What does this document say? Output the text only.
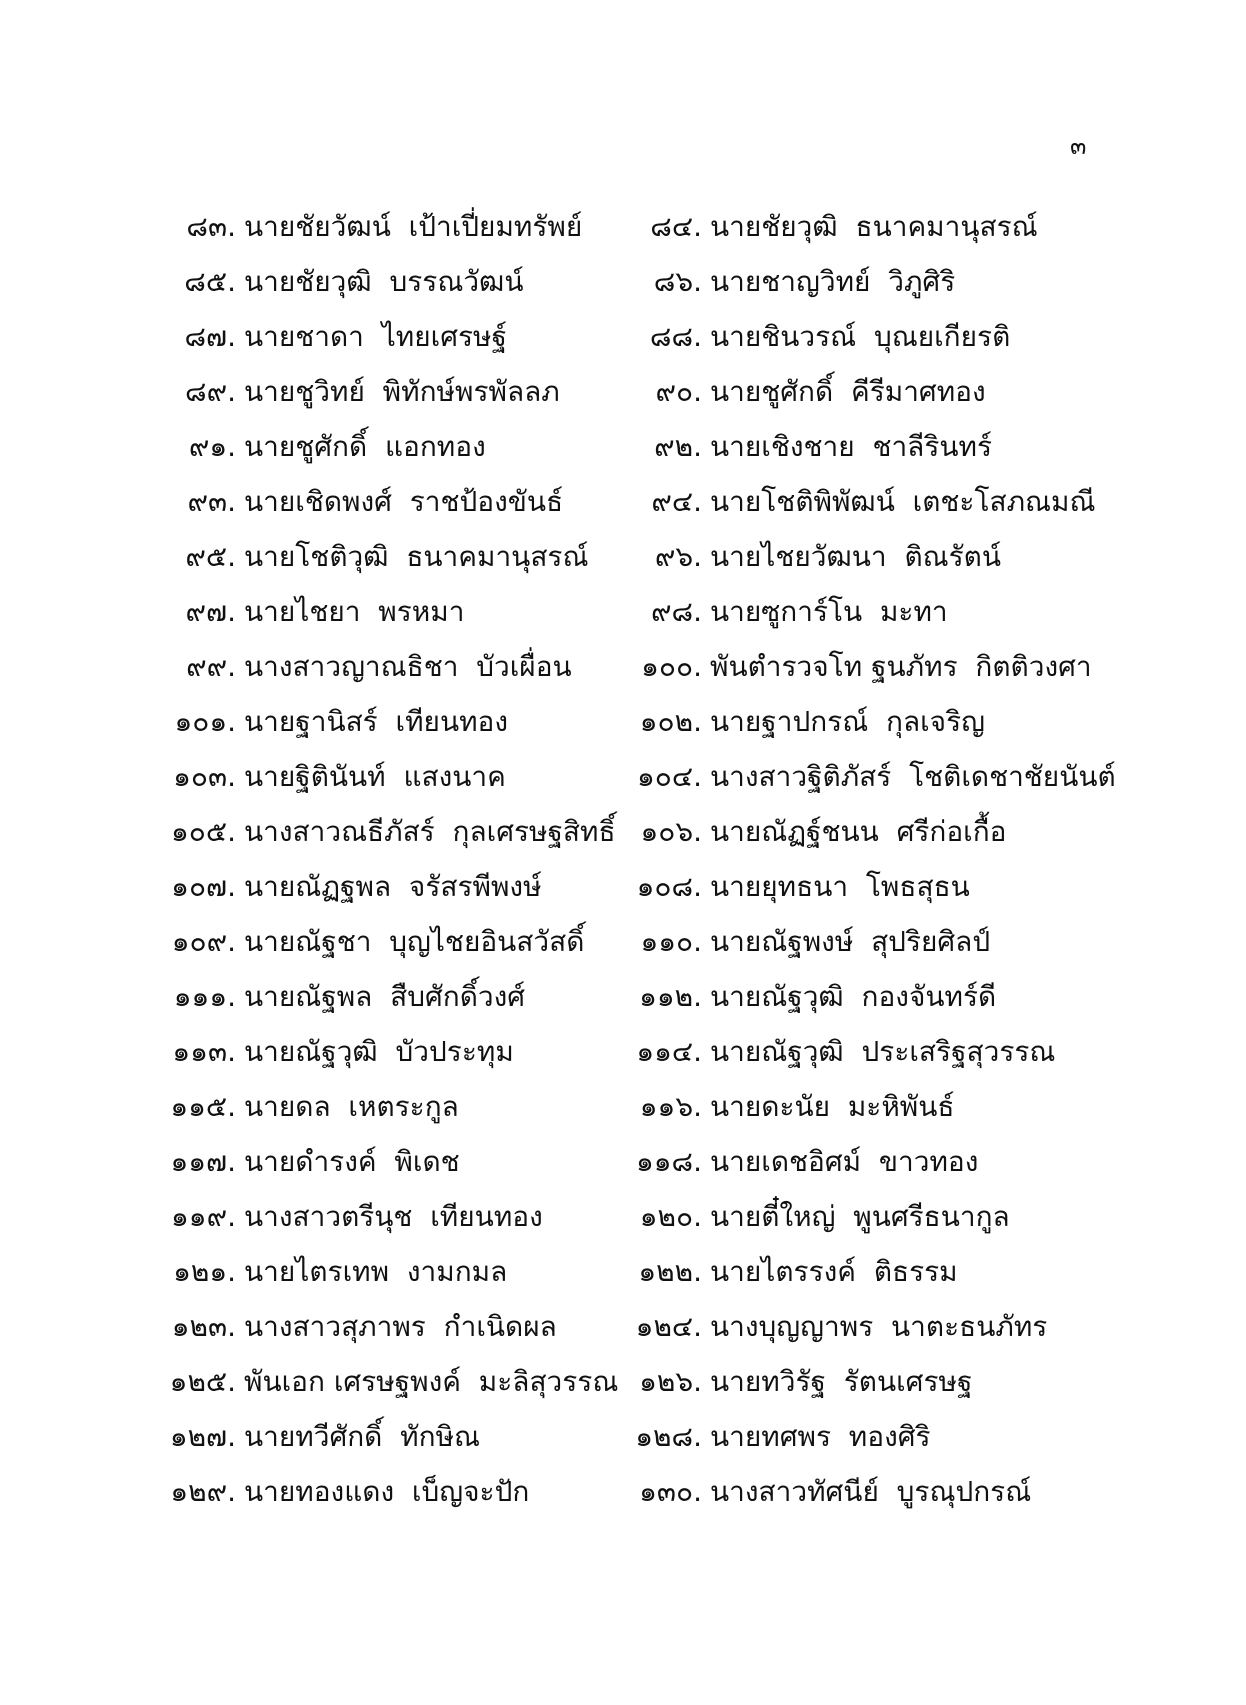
๓
๘๓. นายชัยวัฒน์  เป้าเปี่ยมทรัพย์	๘๔. นายชัยวุฒิ  ธนาคมานุสรณ์
๘๕. นายชัยวุฒิ  บรรณวัฒน์	๘๖. นายชาญวิทย์  วิภูศิริ
๘๗. นายชาดา  ไทยเศรษฐ์	๘๘. นายชินวรณ์  บุณยเกียรติ
๘๙. นายชูวิทย์  พิทักษ์พรพัลลภ	๙๐. นายชูศักดิ์  คีรีมาศทอง
๙๑. นายชูศักดิ์  แอกทอง	๙๒. นายเชิงชาย  ชาลีรินทร์
๙๓. นายเชิดพงศ์  ราชป้องขันธ์	๙๔. นายโชติพิพัฒน์  เตชะโสภณมณี
๙๕. นายโชติวุฒิ  ธนาคมานุสรณ์	๙๖. นายไชยวัฒนา  ติณรัตน์
๙๗. นายไชยา  พรหมา	๙๘. นายซูการ์โน  มะทา
๙๙. นางสาวญาณธิชา  บัวเผื่อน	๑๐๐. พันตำรวจโท ฐนภัทร  กิตติวงศา
๑๐๑. นายฐานิสร์  เทียนทอง	๑๐๒. นายฐาปกรณ์  กุลเจริญ
๑๐๓. นายฐิตินันท์  แสงนาค	๑๐๔. นางสาวฐิติภัสร์  โชติเดชาชัยนันต์
๑๐๕. นางสาวณธีภัสร์  กุลเศรษฐสิทธิ์ ๑๐๖. นายณัฏฐ์ชนน  ศรีก่อเกื้อ
๑๐๗. นายณัฏฐพล  จรัสรพีพงษ์	๑๐๘. นายยุทธนา  โพธสุธน
๑๐๙. นายณัฐชา  บุญไชยอินสวัสดิ์	๑๑๐. นายณัฐพงษ์  สุปริยศิลป์
๑๑๑. นายณัฐพล  สืบศักดิ์วงศ์	๑๑๒. นายณัฐวุฒิ  กองจันทร์ดี
๑๑๓. นายณัฐวุฒิ  บัวประทุม	๑๑๔. นายณัฐวุฒิ  ประเสริฐสุวรรณ
๑๑๕. นายดล  เหตระกูล	๑๑๖. นายดะนัย  มะหิพันธ์
๑๑๗. นายดำรงค์  พิเดช	๑๑๘. นายเดชอิศม์  ขาวทอง
๑๑๙. นางสาวตรีนุช  เทียนทอง	๑๒๐. นายตี๋ใหญ่  พูนศรีธนากูล
๑๒๑. นายไตรเทพ  งามกมล	๑๒๒. นายไตรรงค์  ติธรรม
๑๒๓. นางสาวสุภาพร  กำเนิดผล	๑๒๔. นางบุญญาพร  นาตะธนภัทร
๑๒๕. พันเอก เศรษฐพงค์  มะลิสุวรรณ ๑๒๖. นายทวิรัฐ  รัตนเศรษฐ
๑๒๗. นายทวีศักดิ์  ทักษิณ	๑๒๘. นายทศพร  ทองศิริ
๑๒๙. นายทองแดง  เบ็ญจะปัก	๑๓๐. นางสาวทัศนีย์  บูรณุปกรณ์
